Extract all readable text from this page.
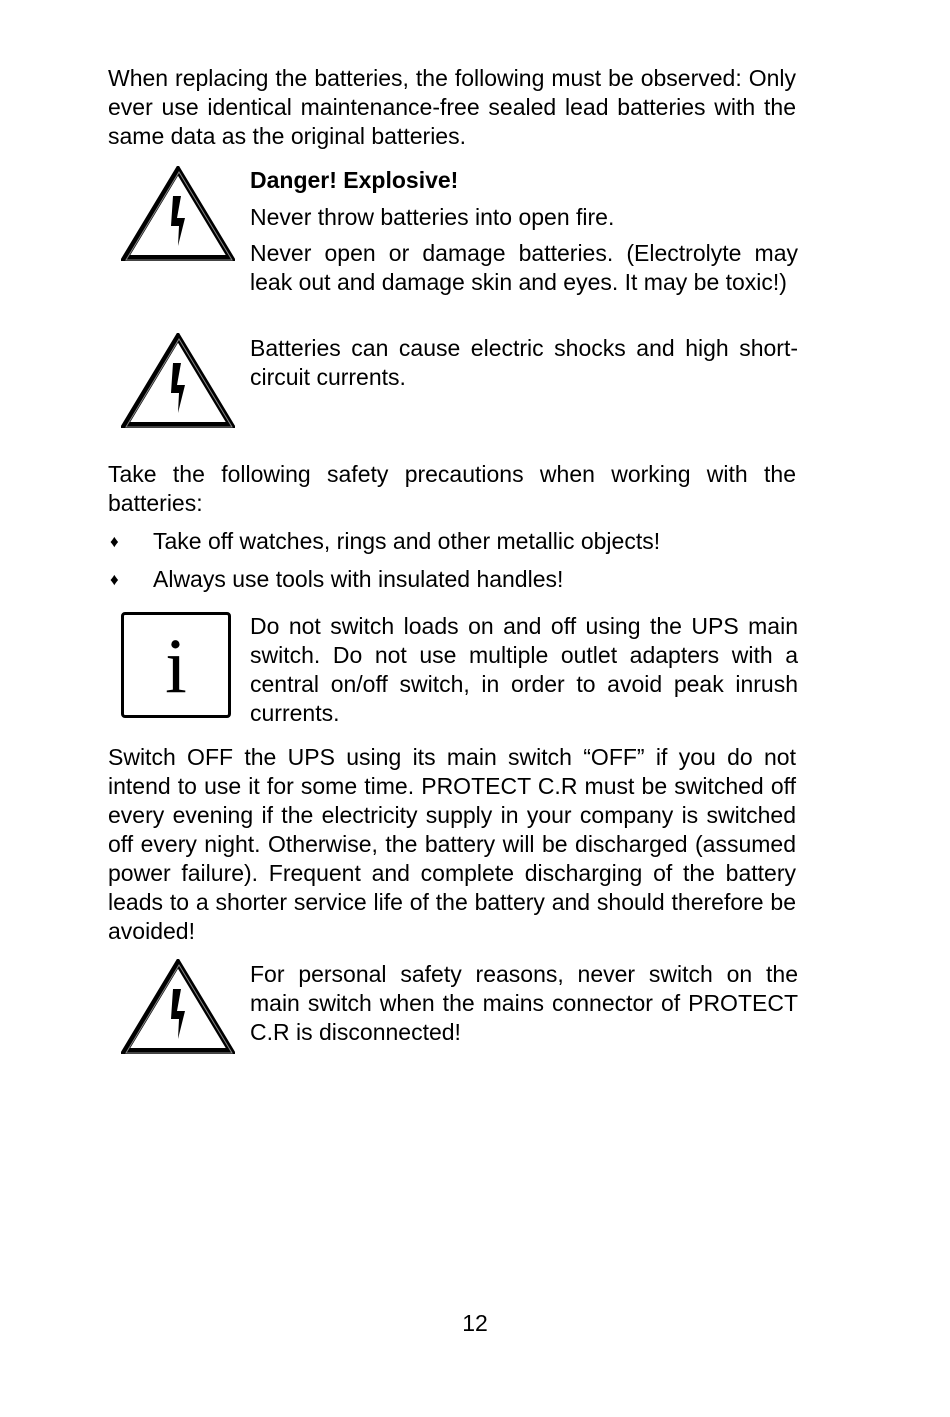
When replacing the batteries, the following must be observed: Only ever use identical maintenance-free sealed lead batteries with the same data as the original batteries.

Danger! Explosive!

Never throw batteries into open fire.

Never open or damage batteries. (Electrolyte may leak out and damage skin and eyes. It may be toxic!)

Batteries can cause electric shocks and high short-circuit currents.

Take the following safety precautions when working with the batteries:

♦ Take off watches, rings and other metallic objects!
♦ Always use tools with insulated handles!
i	Do not switch loads on and off using the UPS main switch. Do not use multiple outlet adapters with a central on/off switch, in order to avoid peak inrush currents.

Switch OFF the UPS using its main switch “OFF” if you do not intend to use it for some time. PROTECT C.R must be switched off every evening if the electricity supply in your company is switched off every night. Otherwise, the battery will be discharged (assumed power failure). Frequent and complete discharging of the battery leads to a shorter service life of the battery and should therefore be avoided!

For personal safety reasons, never switch on the main switch when the mains connector of PROTECT C.R is disconnected!

12
